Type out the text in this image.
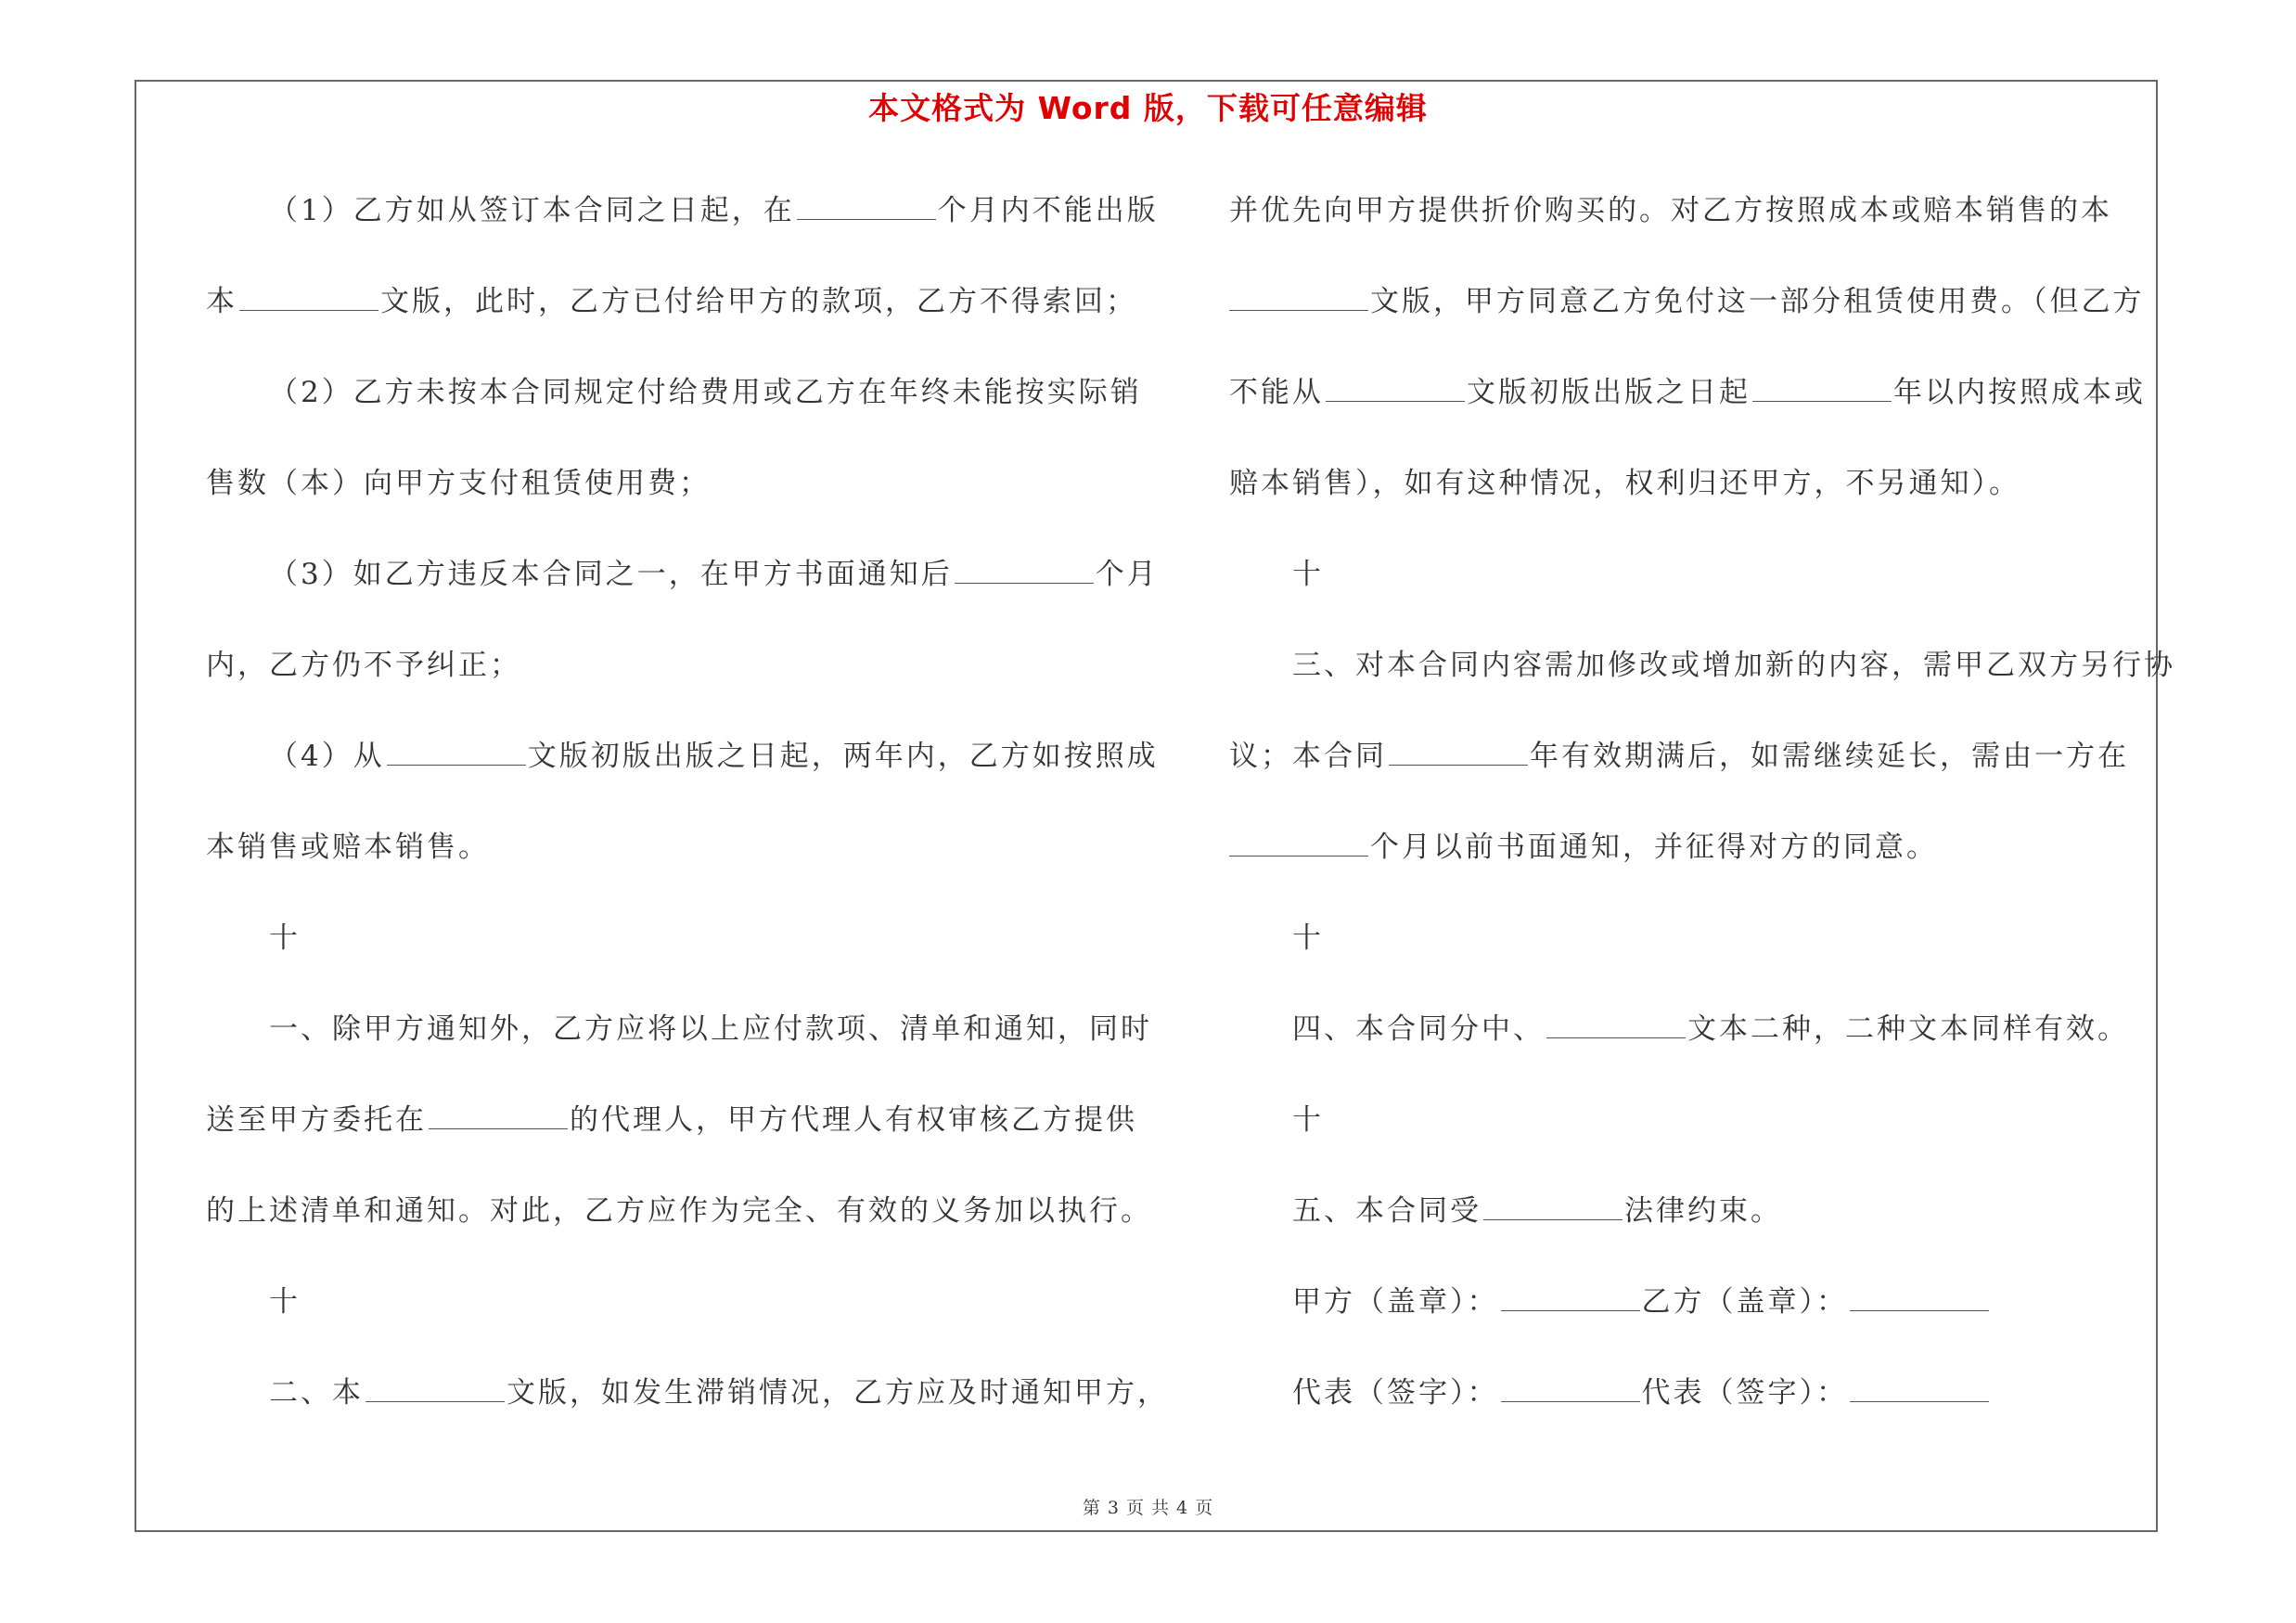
本文格式为 Word 版，下载可任意编辑
（1）乙方如从签订本合同之日起，在	个月内不能出版
本	文版，此时，乙方已付给甲方的款项，乙方不得索回；
（2）乙方未按本合同规定付给费用或乙方在年终未能按实际销
售数（本）向甲方支付租赁使用费；
（3）如乙方违反本合同之一，在甲方书面通知后	个月
内，乙方仍不予纠正；
（4）从	文版初版出版之日起，两年内，乙方如按照成
本销售或赔本销售。
十
一、除甲方通知外，乙方应将以上应付款项、清单和通知，同时
送至甲方委托在	的代理人，甲方代理人有权审核乙方提供
的上述清单和通知。对此，乙方应作为完全、有效的义务加以执行。
十
二、本	文版，如发生滞销情况，乙方应及时通知甲方，
并优先向甲方提供折价购买的。对乙方按照成本或赔本销售的本
文版，甲方同意乙方免付这一部分租赁使用费。（但乙方
不能从	文版初版出版之日起	年以内按照成本或
赔本销售），如有这种情况，权利归还甲方，不另通知）。
十
三、对本合同内容需加修改或增加新的内容，需甲乙双方另行协
议；本合同	年有效期满后，如需继续延长，需由一方在
个月以前书面通知，并征得对方的同意。
十
四、本合同分中、	文本二种，二种文本同样有效。
十
五、本合同受	法律约束。
甲方（盖章）：	乙方（盖章）：
代表（签字）：	代表（签字）：
第 3 页 共 4 页
